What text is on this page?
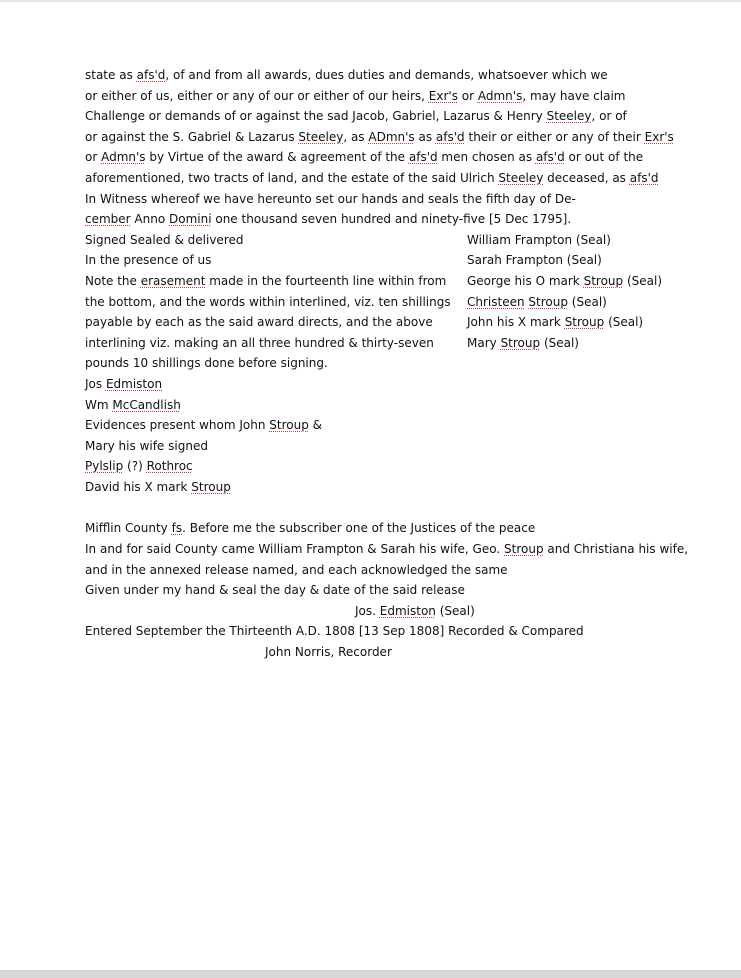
state as afs'd, of and from all awards, dues duties and demands, whatsoever which we
or either of us, either or any of our or either of our heirs, Exr's or Admn's, may have claim
Challenge or demands of or against the sad Jacob, Gabriel, Lazarus & Henry Steeley, or of
or against the S. Gabriel & Lazarus Steeley, as ADmn's as afs'd their or either or any of their Exr's
or Admn's by Virtue of the award & agreement of the afs'd men chosen as afs'd or out of the
aforementioned, two tracts of land, and the estate of the said Ulrich Steeley deceased, as afs'd
In Witness whereof we have hereunto set our hands and seals the fifth day of De-
cember Anno Domini one thousand seven hundred and ninety-five [5 Dec 1795].
Signed Sealed & delivered
In the presence of us
Note the erasement made in the fourteenth line within from
the bottom, and the words within interlined, viz. ten shillings
payable by each as the said award directs, and the above
interlining viz. making an all three hundred & thirty-seven
pounds 10 shillings done before signing.
Jos Edmiston
Wm McCandlish
Evidences present whom John Stroup &
Mary his wife signed
Pylslip (?) Rothroc
David his X mark Stroup
William Frampton (Seal)
Sarah Frampton (Seal)
George his O mark Stroup (Seal)
Christeen Stroup (Seal)
John his X mark Stroup (Seal)
Mary Stroup (Seal)
Mifflin County fs. Before me the subscriber one of the Justices of the peace
In and for said County came William Frampton & Sarah his wife, Geo. Stroup and Christiana his wife,
and in the annexed release named, and each acknowledged the same
Given under my hand & seal the day & date of the said release
Jos. Edmiston (Seal)
Entered September the Thirteenth A.D. 1808 [13 Sep 1808] Recorded & Compared
John Norris, Recorder
